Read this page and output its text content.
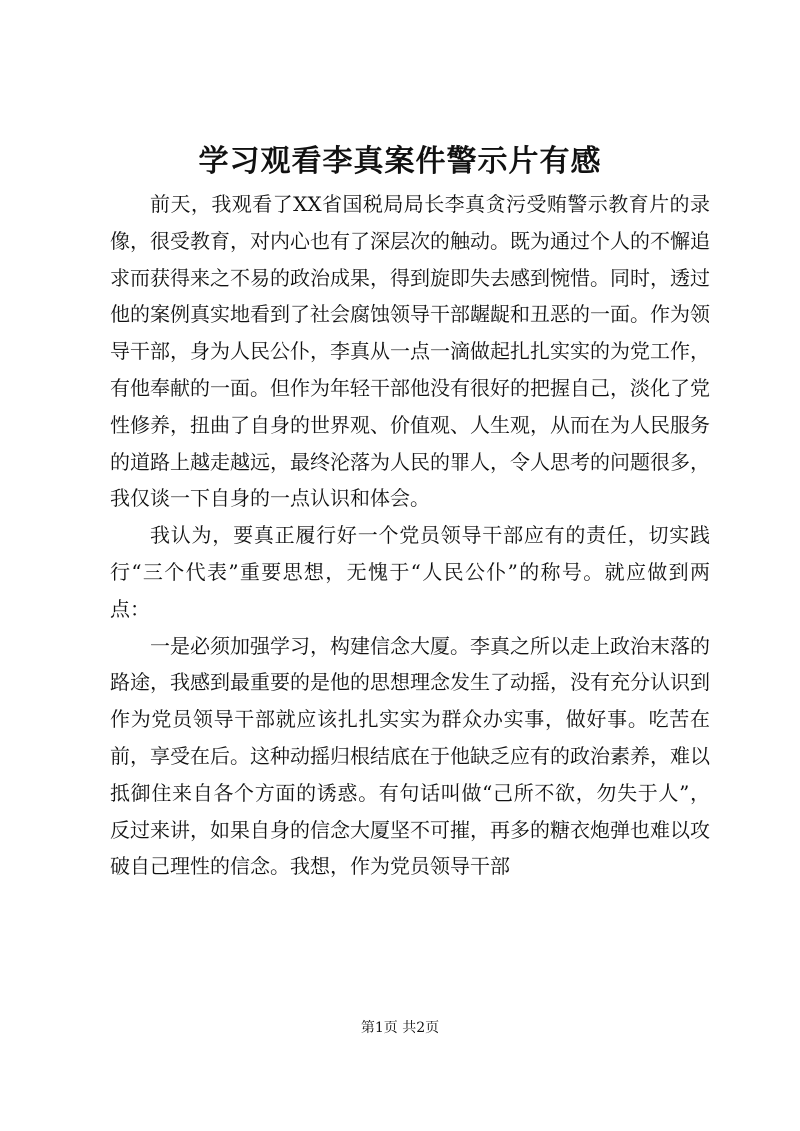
学习观看李真案件警示片有感

前天，我观看了XX省国税局局长李真贪污受贿警示教育片的录像，很受教育，对内心也有了深层次的触动。既为通过个人的不懈追求而获得来之不易的政治成果，得到旋即失去感到惋惜。同时，透过他的案例真实地看到了社会腐蚀领导干部龌龊和丑恶的一面。作为领导干部，身为人民公仆，李真从一点一滴做起扎扎实实的为党工作，有他奉献的一面。但作为年轻干部他没有很好的把握自己，淡化了党性修养，扭曲了自身的世界观、价值观、人生观，从而在为人民服务的道路上越走越远，最终沦落为人民的罪人，令人思考的问题很多，我仅谈一下自身的一点认识和体会。

我认为，要真正履行好一个党员领导干部应有的责任，切实践行“三个代表”重要思想，无愧于“人民公仆”的称号。就应做到两点：

一是必须加强学习，构建信念大厦。李真之所以走上政治末落的路途，我感到最重要的是他的思想理念发生了动摇，没有充分认识到作为党员领导干部就应该扎扎实实为群众办实事，做好事。吃苦在前，享受在后。这种动摇归根结底在于他缺乏应有的政治素养，难以抵御住来自各个方面的诱惑。有句话叫做“己所不欲，勿失于人”，反过来讲，如果自身的信念大厦坚不可摧，再多的糖衣炮弹也难以攻破自己理性的信念。我想，作为党员领导干部

第1页 共2页
